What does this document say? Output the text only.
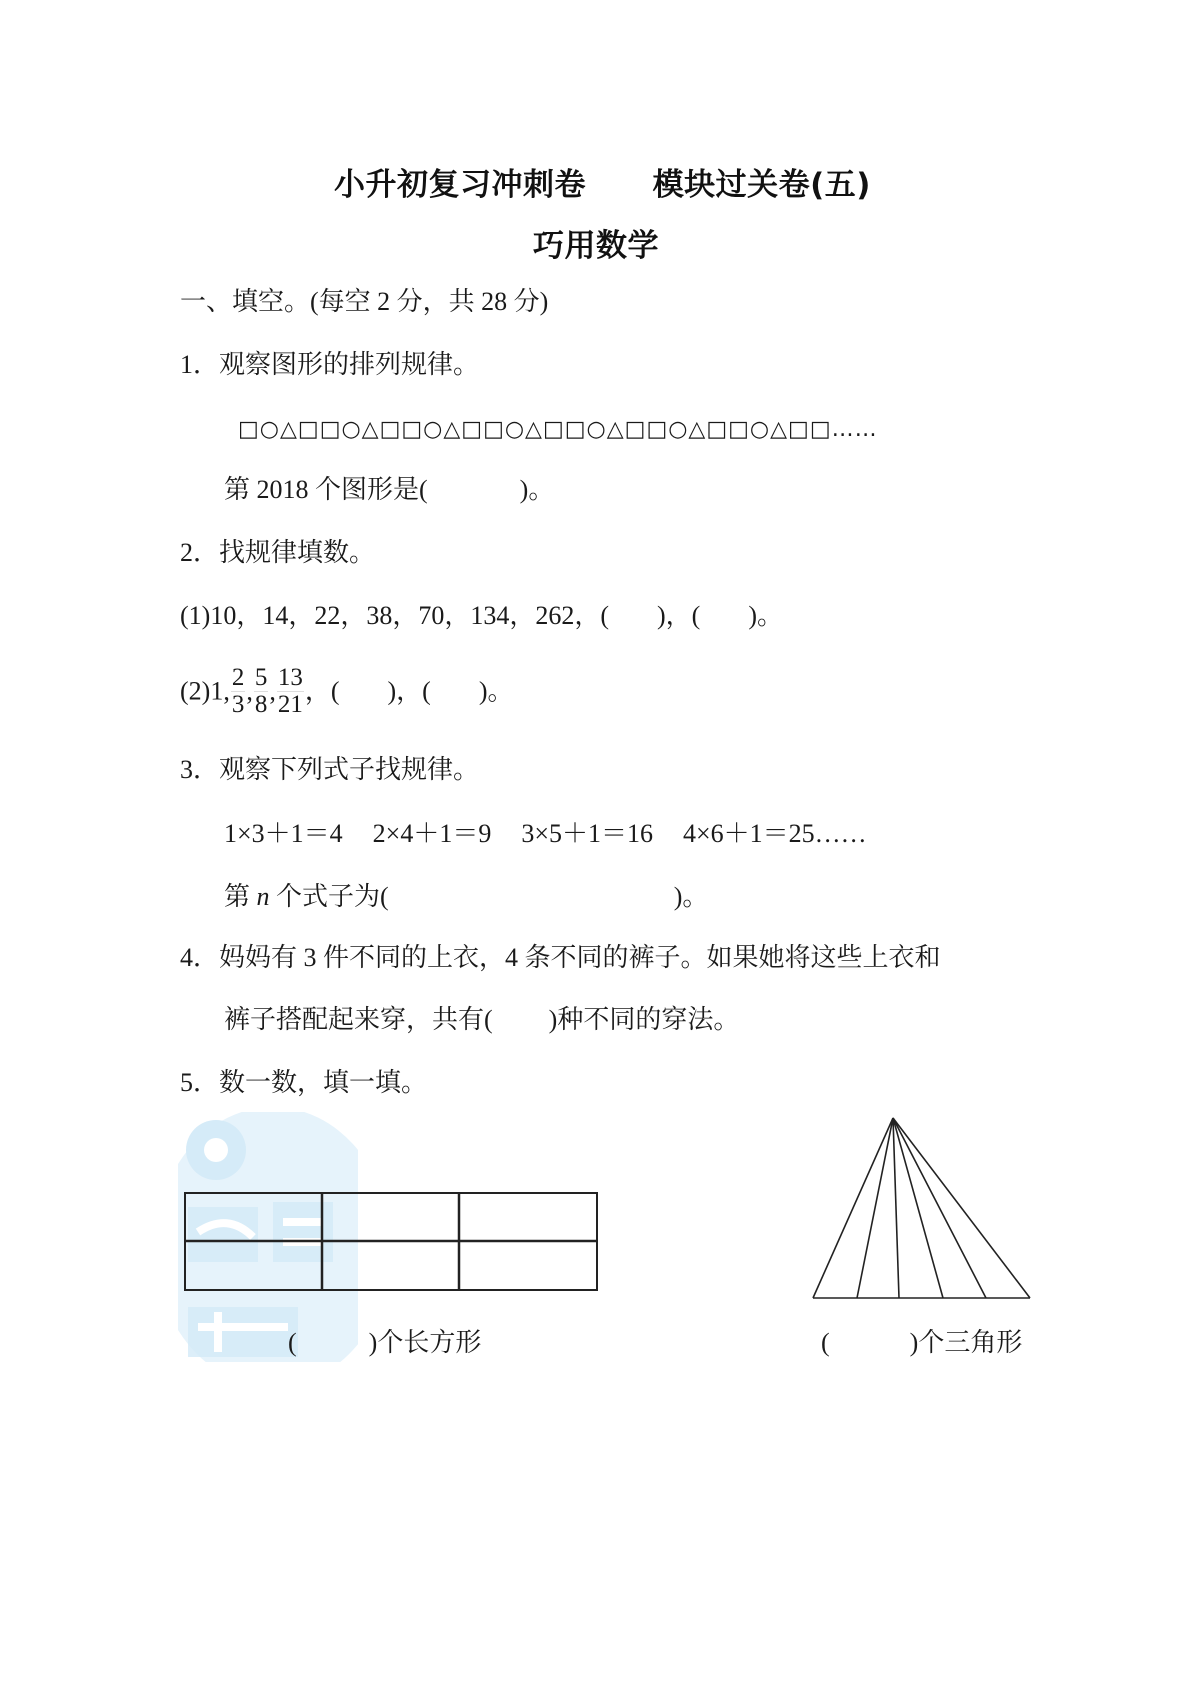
小升初复习冲刺卷 模块过关卷(五)
巧用数学
一、填空。(每空 2 分，共 28 分)
1．观察图形的排列规律。
□○△□□○△□□○△□□○△□□○△□□○△□□○△□□……
第 2018 个图形是(	)。
2．找规律填数。
(1)10，14，22，38，70，134，262，( )，( )。
(2)1, $\frac{2}{3}$ , $\frac{5}{8}$ , $\frac{13}{21}$ ，( )，( )。
3．观察下列式子找规律。
1×3＋1＝4 2×4＋1＝9 3×5＋1＝16 4×6＋1＝25……
第 n 个式子为(	)。
4．妈妈有 3 件不同的上衣，4 条不同的裤子。如果她将这些上衣和
裤子搭配起来穿，共有( )种不同的穿法。
5．数一数，填一填。
(	)个长方形	(	)个三角形
